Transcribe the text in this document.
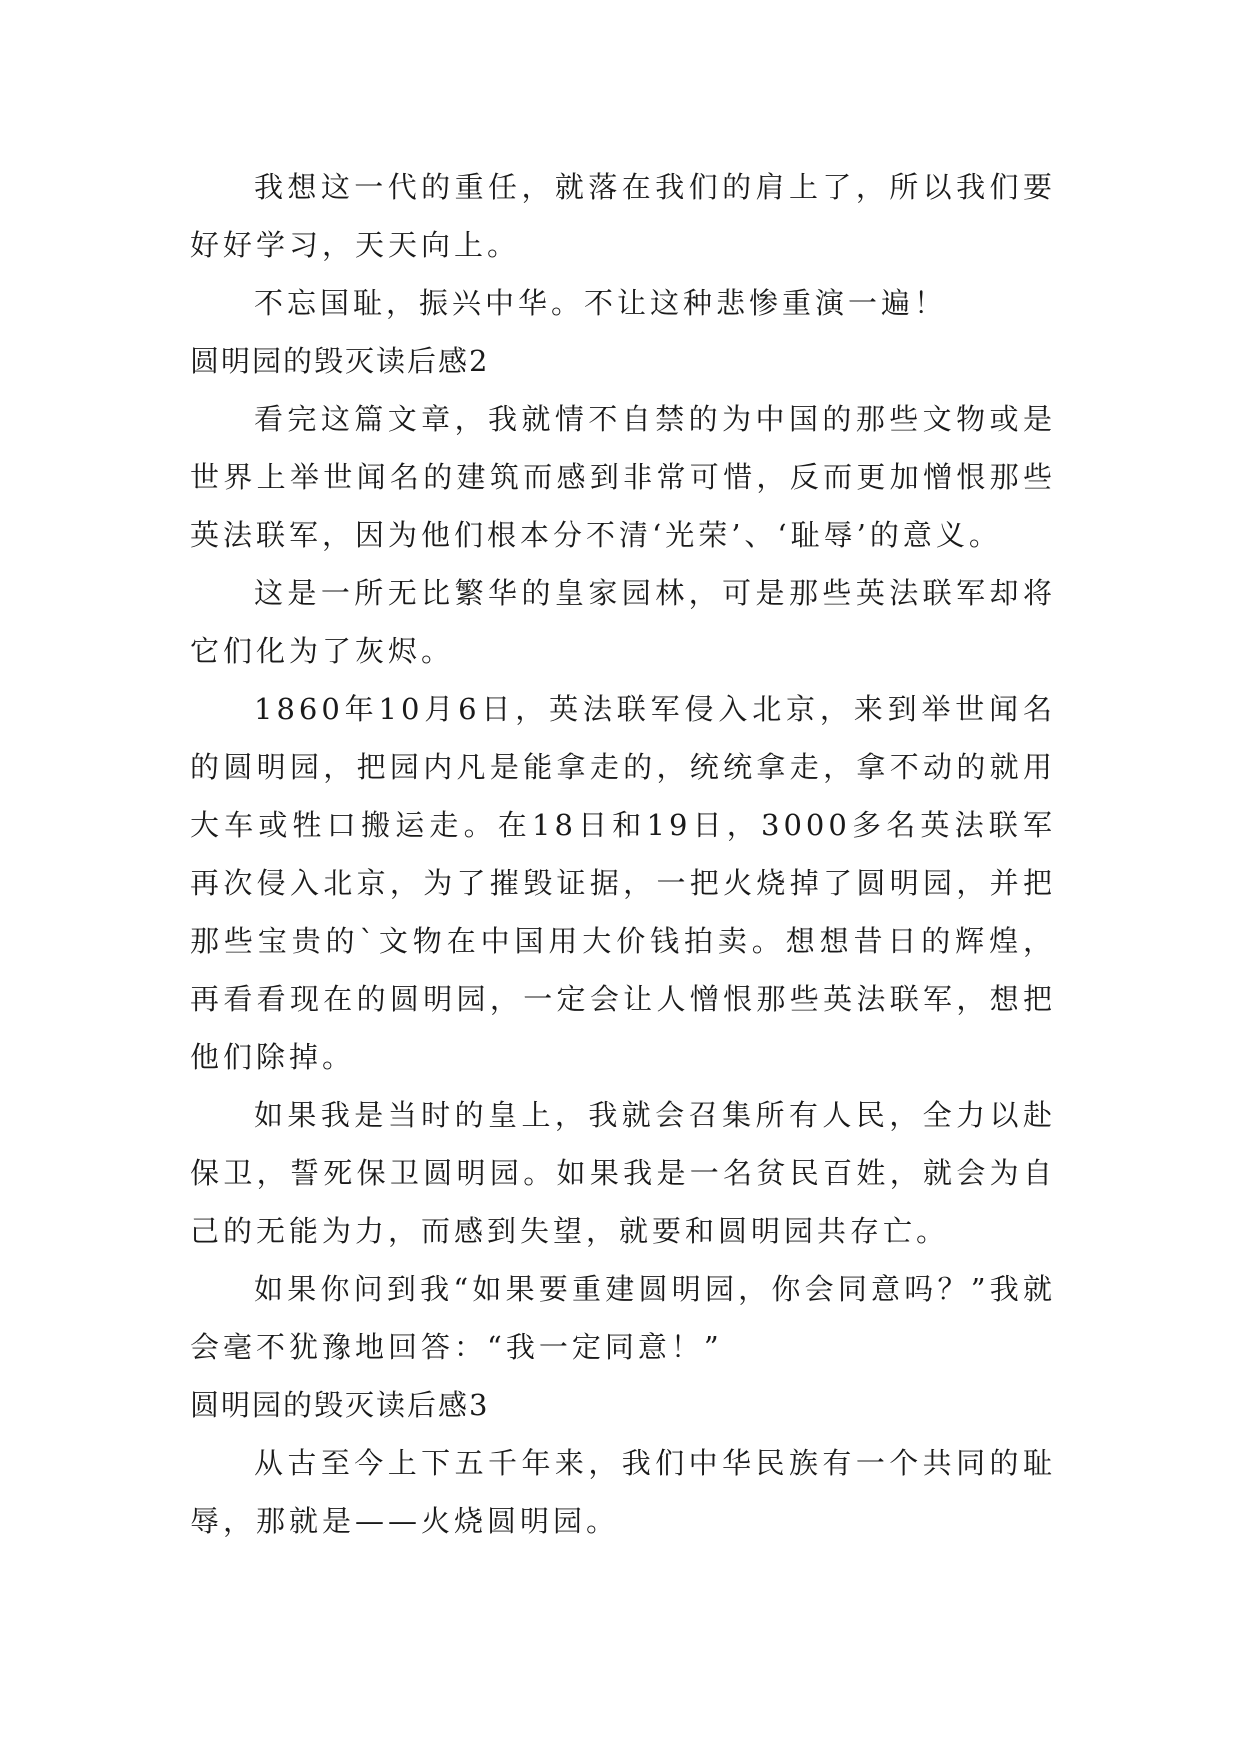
我想这一代的重任，就落在我们的肩上了，所以我们要好好学习，天天向上。

不忘国耻，振兴中华。不让这种悲惨重演一遍！

圆明园的毁灭读后感2

看完这篇文章，我就情不自禁的为中国的那些文物或是世界上举世闻名的建筑而感到非常可惜，反而更加憎恨那些英法联军，因为他们根本分不清‘光荣’、‘耻辱’的意义。

这是一所无比繁华的皇家园林，可是那些英法联军却将它们化为了灰烬。

1860年10月6日，英法联军侵入北京，来到举世闻名的圆明园，把园内凡是能拿走的，统统拿走，拿不动的就用大车或牲口搬运走。在18日和19日，3000多名英法联军再次侵入北京，为了摧毁证据，一把火烧掉了圆明园，并把那些宝贵的`文物在中国用大价钱拍卖。想想昔日的辉煌，再看看现在的圆明园，一定会让人憎恨那些英法联军，想把他们除掉。

如果我是当时的皇上，我就会召集所有人民，全力以赴保卫，誓死保卫圆明园。如果我是一名贫民百姓，就会为自己的无能为力，而感到失望，就要和圆明园共存亡。

如果你问到我“如果要重建圆明园，你会同意吗？”我就会毫不犹豫地回答：“我一定同意！”

圆明园的毁灭读后感3

从古至今上下五千年来，我们中华民族有一个共同的耻辱，那就是——火烧圆明园。
